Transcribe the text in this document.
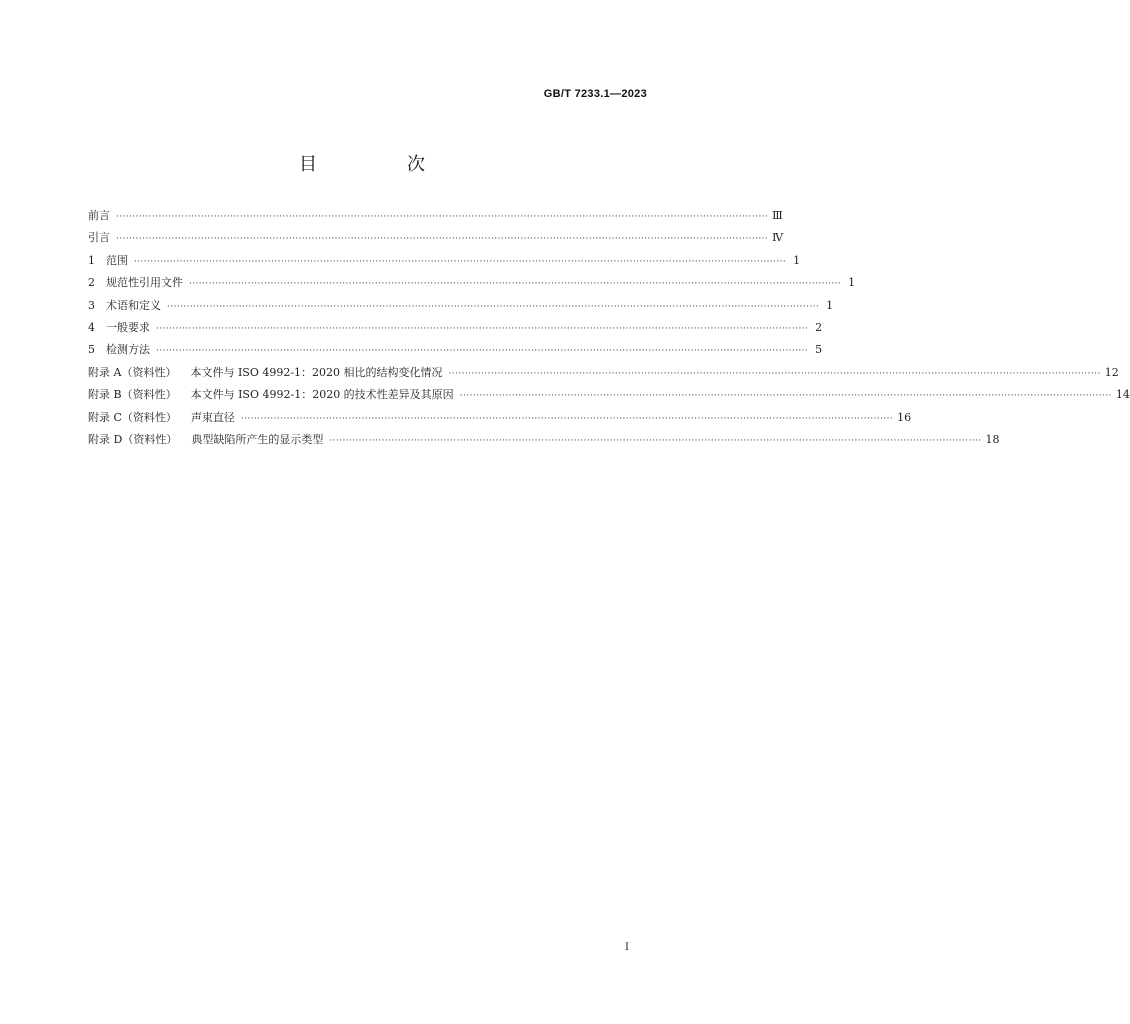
GB/T 7233.1—2023
目　次
前言 ········································································································································································································ Ⅲ
引言 ········································································································································································································ Ⅳ
1 范围 ········································································································································································································ 1
2 规范性引用文件 ········································································································································································································ 1
3 术语和定义 ········································································································································································································ 1
4 一般要求 ········································································································································································································ 2
5 检测方法 ········································································································································································································ 5
附录 A（资料性） 本文件与 ISO 4992-1：2020 相比的结构变化情况 ········································································································································································································ 12
附录 B（资料性） 本文件与 ISO 4992-1：2020 的技术性差异及其原因 ········································································································································································································ 14
附录 C（资料性） 声束直径 ········································································································································································································ 16
附录 D（资料性） 典型缺陷所产生的显示类型 ········································································································································································································ 18
I
